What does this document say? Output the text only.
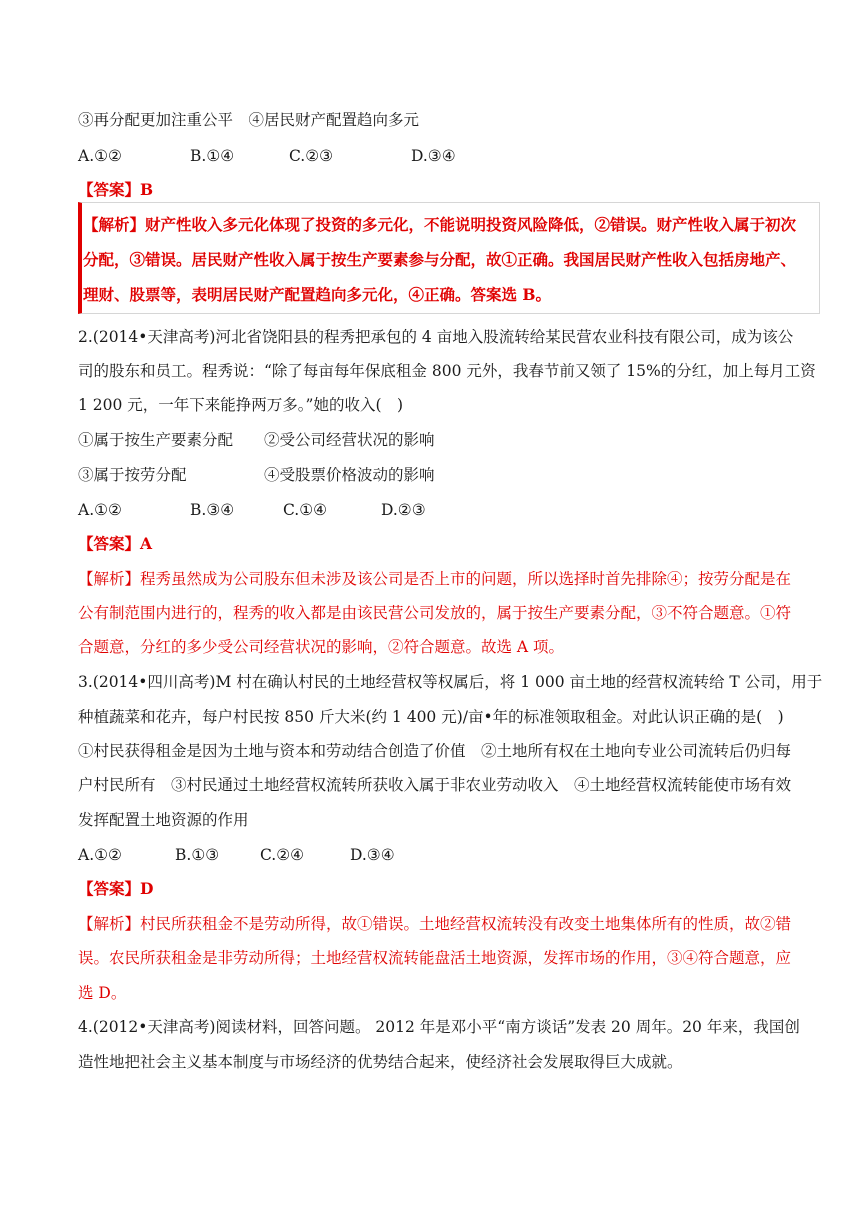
③再分配更加注重公平　④居民财产配置趋向多元
A.①②	B.①④	C.②③	D.③④
【答案】B
【解析】财产性收入多元化体现了投资的多元化，不能说明投资风险降低，②错误。财产性收入属于初次
分配，③错误。居民财产性收入属于按生产要素参与分配，故①正确。我国居民财产性收入包括房地产、
理财、股票等，表明居民财产配置趋向多元化，④正确。答案选 B。
2.(2014•天津高考)河北省饶阳县的程秀把承包的 4 亩地入股流转给某民营农业科技有限公司，成为该公
司的股东和员工。程秀说：“除了每亩每年保底租金 800 元外，我春节前又领了 15%的分红，加上每月工资
1 200 元，一年下来能挣两万多。”她的收入(　)
①属于按生产要素分配　　②受公司经营状况的影响
③属于按劳分配　　　　　④受股票价格波动的影响
A.①②	B.③④	C.①④	D.②③
【答案】A
【解析】程秀虽然成为公司股东但未涉及该公司是否上市的问题，所以选择时首先排除④；按劳分配是在
公有制范围内进行的，程秀的收入都是由该民营公司发放的，属于按生产要素分配，③不符合题意。①符
合题意，分红的多少受公司经营状况的影响，②符合题意。故选 A 项。
3.(2014•四川高考)M 村在确认村民的土地经营权等权属后，将 1 000 亩土地的经营权流转给 T 公司，用于
种植蔬菜和花卉，每户村民按 850 斤大米(约 1 400 元)/亩•年的标准领取租金。对此认识正确的是(　)
①村民获得租金是因为土地与资本和劳动结合创造了价值　②土地所有权在土地向专业公司流转后仍归每
户村民所有　③村民通过土地经营权流转所获收入属于非农业劳动收入　④土地经营权流转能使市场有效
发挥配置土地资源的作用
A.①②	B.①③	C.②④	D.③④
【答案】D
【解析】村民所获租金不是劳动所得，故①错误。土地经营权流转没有改变土地集体所有的性质，故②错
误。农民所获租金是非劳动所得；土地经营权流转能盘活土地资源，发挥市场的作用，③④符合题意，应
选 D。
4.(2012•天津高考)阅读材料，回答问题。 2012 年是邓小平“南方谈话”发表 20 周年。20 年来，我国创
造性地把社会主义基本制度与市场经济的优势结合起来，使经济社会发展取得巨大成就。
